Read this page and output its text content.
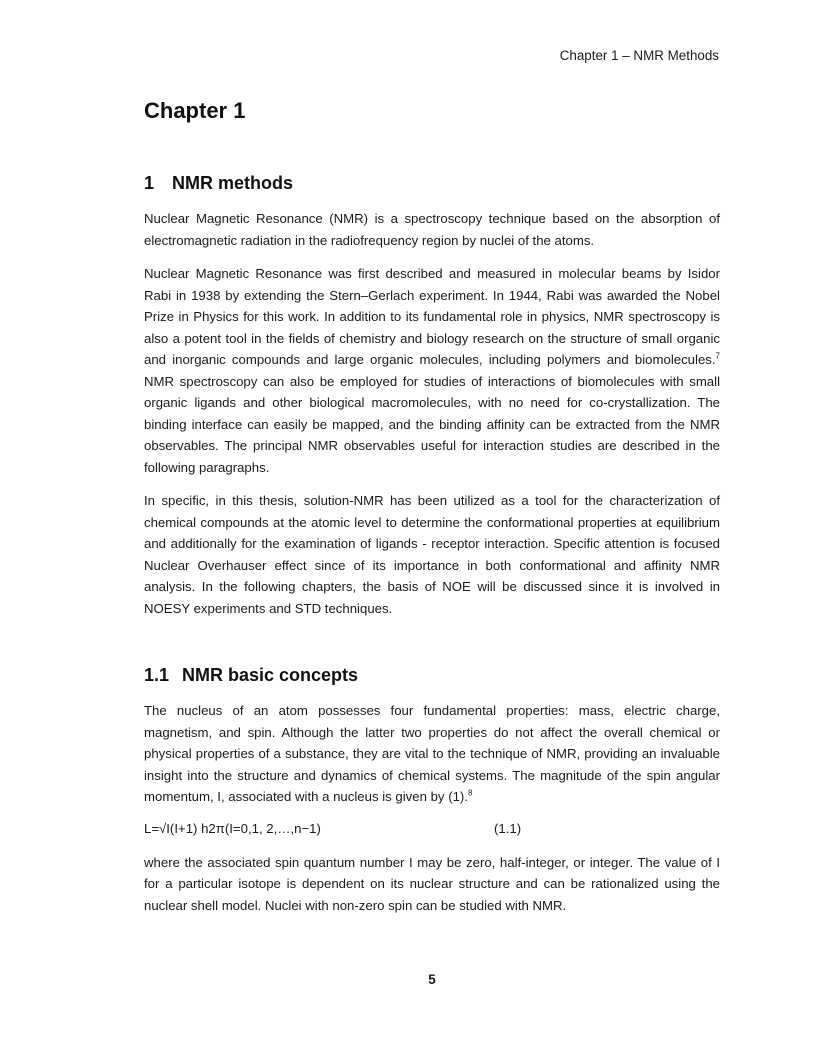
Chapter 1 – NMR Methods
Chapter 1
1 NMR methods

Nuclear Magnetic Resonance (NMR) is a spectroscopy technique based on the absorption of electromagnetic radiation in the radiofrequency region by nuclei of the atoms.

Nuclear Magnetic Resonance was first described and measured in molecular beams by Isidor Rabi in 1938 by extending the Stern–Gerlach experiment. In 1944, Rabi was awarded the Nobel Prize in Physics for this work. In addition to its fundamental role in physics, NMR spectroscopy is also a potent tool in the fields of chemistry and biology research on the structure of small organic and inorganic compounds and large organic molecules, including polymers and biomolecules.$^7$ NMR spectroscopy can also be employed for studies of interactions of biomolecules with small organic ligands and other biological macromolecules, with no need for co-crystallization. The binding interface can easily be mapped, and the binding affinity can be extracted from the NMR observables. The principal NMR observables useful for interaction studies are described in the following paragraphs.

In specific, in this thesis, solution-NMR has been utilized as a tool for the characterization of chemical compounds at the atomic level to determine the conformational properties at equilibrium and additionally for the examination of ligands - receptor interaction. Specific attention is focused Nuclear Overhauser effect since of its importance in both conformational and affinity NMR analysis. In the following chapters, the basis of NOE will be discussed since it is involved in NOESY experiments and STD techniques.

1.1 NMR basic concepts

The nucleus of an atom possesses four fundamental properties: mass, electric charge, magnetism, and spin. Although the latter two properties do not affect the overall chemical or physical properties of a substance, they are vital to the technique of NMR, providing an invaluable insight into the structure and dynamics of chemical systems. The magnitude of the spin angular momentum, I, associated with a nucleus is given by (1).$^8$

L=√I(I+1) h2π(I=0,1, 2,…,n−1)	(1.1)

where the associated spin quantum number I may be zero, half-integer, or integer. The value of I for a particular isotope is dependent on its nuclear structure and can be rationalized using the nuclear shell model. Nuclei with non-zero spin can be studied with NMR.

5
